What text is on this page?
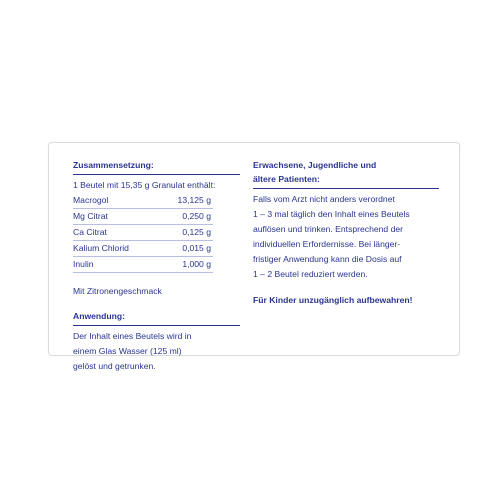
Zusammensetzung:
1 Beutel mit 15,35 g Granulat enthält:
Macrogol	13,125 g
Mg Citrat	0,250 g
Ca Citrat	0,125 g
Kalium Chlorid	0,015 g
Inulin	1,000 g
Mit Zitronengeschmack
Anwendung:
Der Inhalt eines Beutels wird in
einem Glas Wasser (125 ml)
gelöst und getrunken.
Erwachsene, Jugendliche und
ältere Patienten:
Falls vom Arzt nicht anders verordnet
1 – 3 mal täglich den Inhalt eines Beutels
auflösen und trinken. Entsprechend der
individuellen Erfordernisse. Bei länger-
fristiger Anwendung kann die Dosis auf
1 – 2 Beutel reduziert werden.
Für Kinder unzugänglich aufbewahren!
